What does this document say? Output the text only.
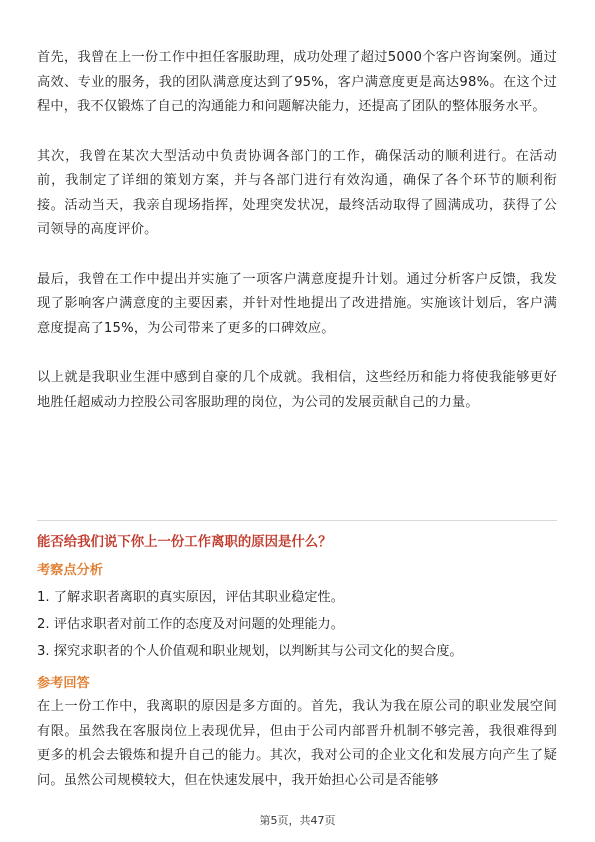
首先，我曾在上一份工作中担任客服助理，成功处理了超过5000个客户咨询案例。通过高效、专业的服务，我的团队满意度达到了95%，客户满意度更是高达98%。在这个过程中，我不仅锻炼了自己的沟通能力和问题解决能力，还提高了团队的整体服务水平。

其次，我曾在某次大型活动中负责协调各部门的工作，确保活动的顺利进行。在活动前，我制定了详细的策划方案，并与各部门进行有效沟通，确保了各个环节的顺利衔接。活动当天，我亲自现场指挥，处理突发状况，最终活动取得了圆满成功，获得了公司领导的高度评价。

最后，我曾在工作中提出并实施了一项客户满意度提升计划。通过分析客户反馈，我发现了影响客户满意度的主要因素，并针对性地提出了改进措施。实施该计划后，客户满意度提高了15%，为公司带来了更多的口碑效应。

以上就是我职业生涯中感到自豪的几个成就。我相信，这些经历和能力将使我能够更好地胜任超威动力控股公司客服助理的岗位，为公司的发展贡献自己的力量。

能否给我们说下你上一份工作离职的原因是什么？

考察点分析

1. 了解求职者离职的真实原因，评估其职业稳定性。
2. 评估求职者对前工作的态度及对问题的处理能力。
3. 探究求职者的个人价值观和职业规划，以判断其与公司文化的契合度。

参考回答

在上一份工作中，我离职的原因是多方面的。首先，我认为我在原公司的职业发展空间有限。虽然我在客服岗位上表现优异，但由于公司内部晋升机制不够完善，我很难得到更多的机会去锻炼和提升自己的能力。其次，我对公司的企业文化和发展方向产生了疑问。虽然公司规模较大，但在快速发展中，我开始担心公司是否能够

第5页，共47页
